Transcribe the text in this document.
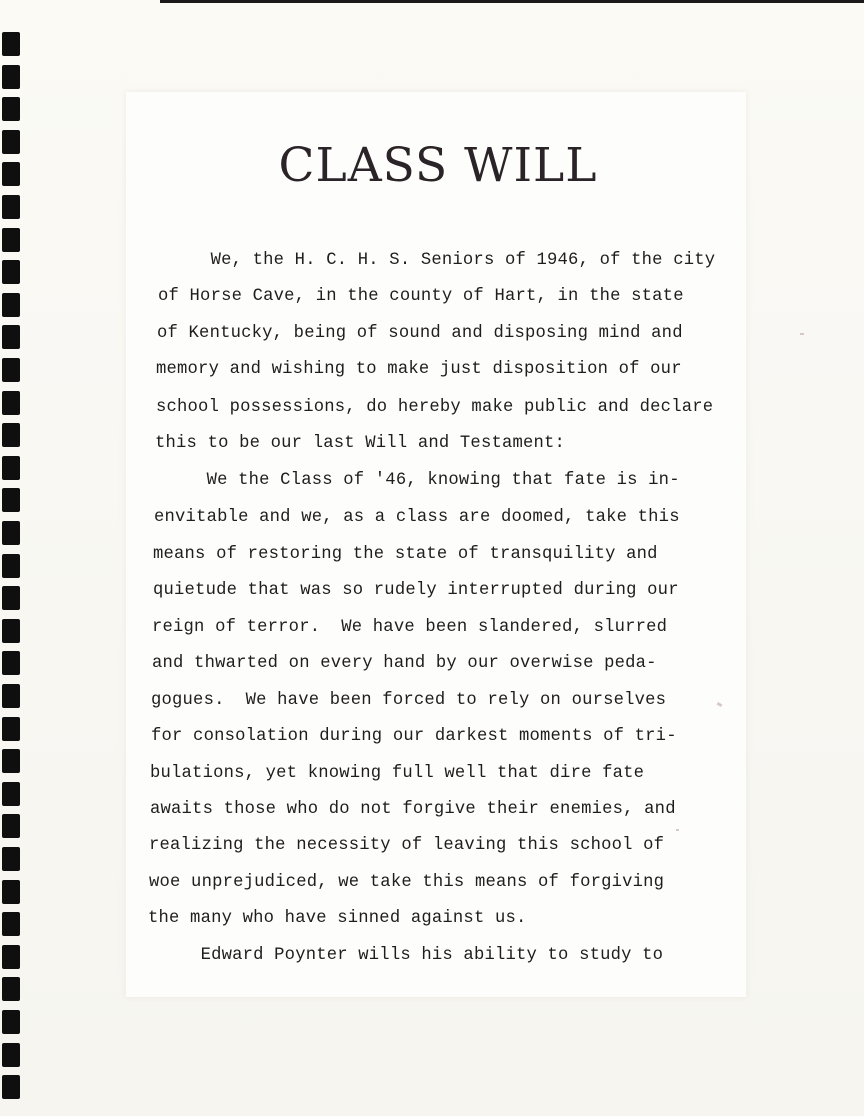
CLASS WILL
We, the H. C. H. S. Seniors of 1946, of the city
of Horse Cave, in the county of Hart, in the state
of Kentucky, being of sound and disposing mind and
memory and wishing to make just disposition of our
school possessions, do hereby make public and declare
this to be our last Will and Testament:
We the Class of '46, knowing that fate is in-
envitable and we, as a class are doomed, take this
means of restoring the state of transquility and
quietude that was so rudely interrupted during our
reign of terror.  We have been slandered, slurred
and thwarted on every hand by our overwise peda-
gogues.  We have been forced to rely on ourselves
for consolation during our darkest moments of tri-
bulations, yet knowing full well that dire fate
awaits those who do not forgive their enemies, and
realizing the necessity of leaving this school of
woe unprejudiced, we take this means of forgiving
the many who have sinned against us.
Edward Poynter wills his ability to study to
